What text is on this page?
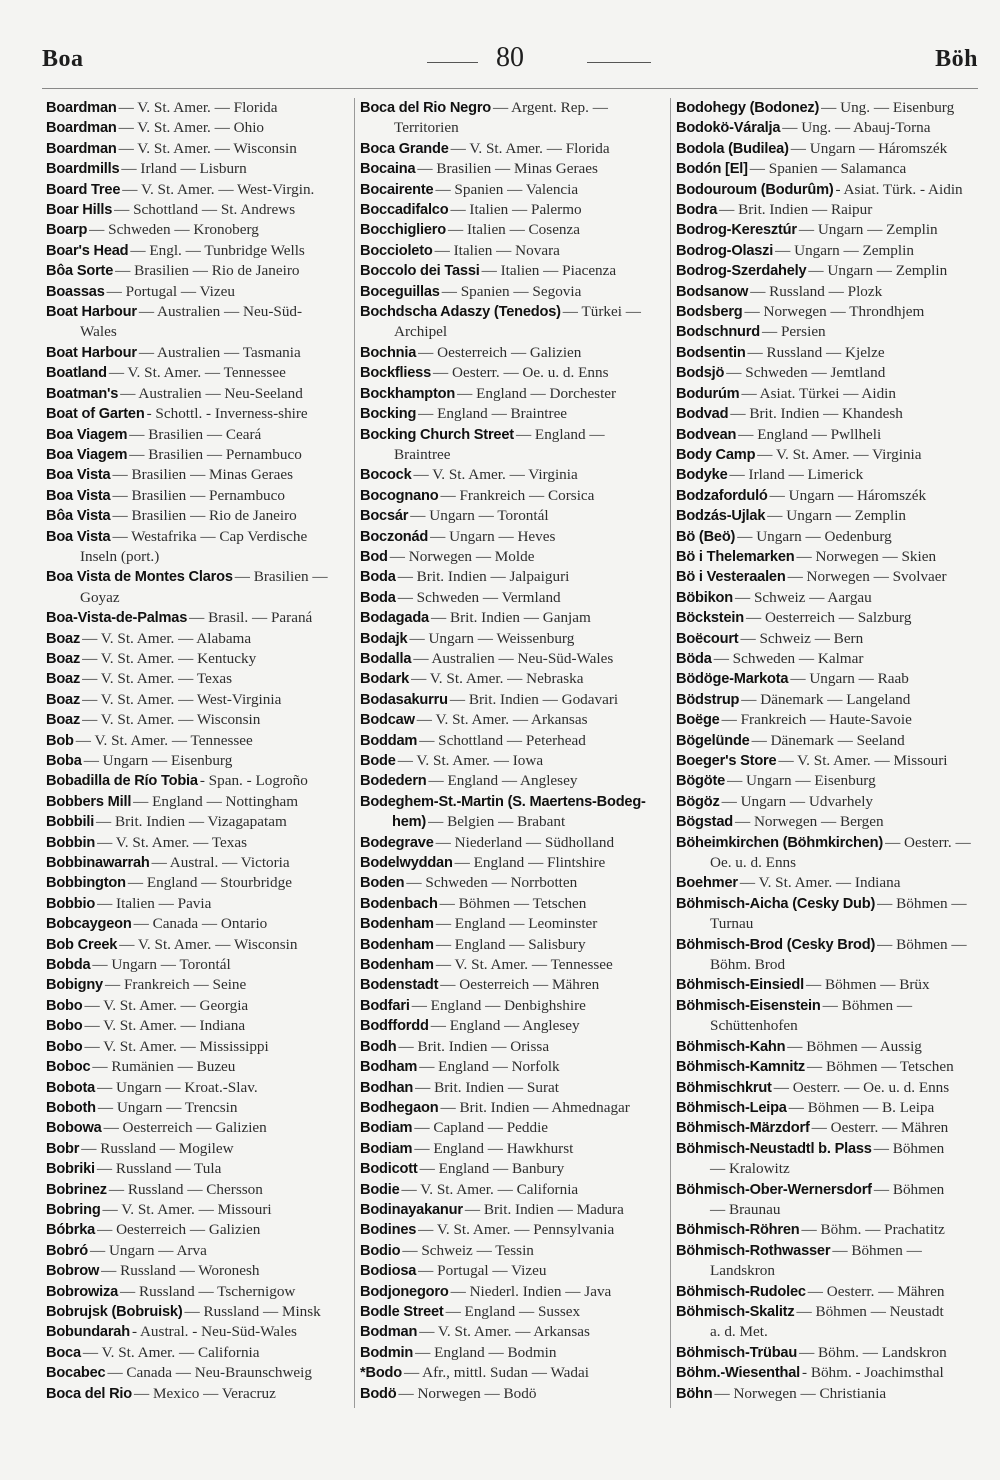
Boa	80	Böh
Boardman — V. St. Amer. — Florida
Boardman — V. St. Amer. — Ohio
Boardman — V. St. Amer. — Wisconsin
Boardmills — Irland — Lisburn
Board Tree — V. St. Amer. — West-Virgin.
Boar Hills — Schottland — St. Andrews
Boarp — Schweden — Kronoberg
Boar's Head — Engl. — Tunbridge Wells
Bôa Sorte — Brasilien — Rio de Janeiro
Boassas — Portugal — Vizeu
Boat Harbour — Australien — Neu-Süd-
Wales
Boat Harbour — Australien — Tasmania
Boatland — V. St. Amer. — Tennessee
Boatman's — Australien — Neu-Seeland
Boat of Garten - Schottl. - Inverness-shire
Boa Viagem — Brasilien — Ceará
Boa Viagem — Brasilien — Pernambuco
Boa Vista — Brasilien — Minas Geraes
Boa Vista — Brasilien — Pernambuco
Bôa Vista — Brasilien — Rio de Janeiro
Boa Vista — Westafrika — Cap Verdische
Inseln (port.)
Boa Vista de Montes Claros — Brasilien —
Goyaz
Boa-Vista-de-Palmas — Brasil. — Paraná
Boaz — V. St. Amer. — Alabama
Boaz — V. St. Amer. — Kentucky
Boaz — V. St. Amer. — Texas
Boaz — V. St. Amer. — West-Virginia
Boaz — V. St. Amer. — Wisconsin
Bob — V. St. Amer. — Tennessee
Boba — Ungarn — Eisenburg
Bobadilla de Río Tobia - Span. - Logroño
Bobbers Mill — England — Nottingham
Bobbili — Brit. Indien — Vizagapatam
Bobbin — V. St. Amer. — Texas
Bobbinawarrah — Austral. — Victoria
Bobbington — England — Stourbridge
Bobbio — Italien — Pavia
Bobcaygeon — Canada — Ontario
Bob Creek — V. St. Amer. — Wisconsin
Bobda — Ungarn — Torontál
Bobigny — Frankreich — Seine
Bobo — V. St. Amer. — Georgia
Bobo — V. St. Amer. — Indiana
Bobo — V. St. Amer. — Mississippi
Boboc — Rumänien — Buzeu
Bobota — Ungarn — Kroat.-Slav.
Boboth — Ungarn — Trencsin
Bobowa — Oesterreich — Galizien
Bobr — Russland — Mogilew
Bobriki — Russland — Tula
Bobrinez — Russland — Chersson
Bobring — V. St. Amer. — Missouri
Bóbrka — Oesterreich — Galizien
Bobró — Ungarn — Arva
Bobrow — Russland — Woronesh
Bobrowiza — Russland — Tschernigow
Bobrujsk (Bobruisk) — Russland — Minsk
Bobundarah - Austral. - Neu-Süd-Wales
Boca — V. St. Amer. — California
Bocabec — Canada — Neu-Braunschweig
Boca del Rio — Mexico — Veracruz
Boca del Rio Negro — Argent. Rep. —
Territorien
Boca Grande — V. St. Amer. — Florida
Bocaina — Brasilien — Minas Geraes
Bocairente — Spanien — Valencia
Boccadifalco — Italien — Palermo
Bocchigliero — Italien — Cosenza
Boccioleto — Italien — Novara
Boccolo dei Tassi — Italien — Piacenza
Boceguillas — Spanien — Segovia
Bochdscha Adaszy (Tenedos) — Türkei —
Archipel
Bochnia — Oesterreich — Galizien
Bockfliess — Oesterr. — Oe. u. d. Enns
Bockhampton — England — Dorchester
Bocking — England — Braintree
Bocking Church Street — England —
Braintree
Bocock — V. St. Amer. — Virginia
Bocognano — Frankreich — Corsica
Bocsár — Ungarn — Torontál
Boczonád — Ungarn — Heves
Bod — Norwegen — Molde
Boda — Brit. Indien — Jalpaiguri
Boda — Schweden — Vermland
Bodagada — Brit. Indien — Ganjam
Bodajk — Ungarn — Weissenburg
Bodalla — Australien — Neu-Süd-Wales
Bodark — V. St. Amer. — Nebraska
Bodasakurru — Brit. Indien — Godavari
Bodcaw — V. St. Amer. — Arkansas
Boddam — Schottland — Peterhead
Bode — V. St. Amer. — Iowa
Bodedern — England — Anglesey
Bodeghem-St.-Martin (S. Maertens-Bodeg-
hem) — Belgien — Brabant
Bodegrave — Niederland — Südholland
Bodelwyddan — England — Flintshire
Boden — Schweden — Norrbotten
Bodenbach — Böhmen — Tetschen
Bodenham — England — Leominster
Bodenham — England — Salisbury
Bodenham — V. St. Amer. — Tennessee
Bodenstadt — Oesterreich — Mähren
Bodfari — England — Denbighshire
Bodffordd — England — Anglesey
Bodh — Brit. Indien — Orissa
Bodham — England — Norfolk
Bodhan — Brit. Indien — Surat
Bodhegaon — Brit. Indien — Ahmednagar
Bodiam — Capland — Peddie
Bodiam — England — Hawkhurst
Bodicott — England — Banbury
Bodie — V. St. Amer. — California
Bodinayakanur — Brit. Indien — Madura
Bodines — V. St. Amer. — Pennsylvania
Bodio — Schweiz — Tessin
Bodiosa — Portugal — Vizeu
Bodjonegoro — Niederl. Indien — Java
Bodle Street — England — Sussex
Bodman — V. St. Amer. — Arkansas
Bodmin — England — Bodmin
*Bodo — Afr., mittl. Sudan — Wadai
Bodö — Norwegen — Bodö
Bodohegy (Bodonez) — Ung. — Eisenburg
Bodokö-Váralja — Ung. — Abauj-Torna
Bodola (Budilea) — Ungarn — Háromszék
Bodón [El] — Spanien — Salamanca
Bodouroum (Bodurûm) - Asiat. Türk. - Aidin
Bodra — Brit. Indien — Raipur
Bodrog-Keresztúr — Ungarn — Zemplin
Bodrog-Olaszi — Ungarn — Zemplin
Bodrog-Szerdahely — Ungarn — Zemplin
Bodsanow — Russland — Plozk
Bodsberg — Norwegen — Throndhjem
Bodschnurd — Persien
Bodsentin — Russland — Kjelze
Bodsjö — Schweden — Jemtland
Bodurúm — Asiat. Türkei — Aidin
Bodvad — Brit. Indien — Khandesh
Bodvean — England — Pwllheli
Body Camp — V. St. Amer. — Virginia
Bodyke — Irland — Limerick
Bodzaforduló — Ungarn — Háromszék
Bodzás-Ujlak — Ungarn — Zemplin
Bö (Beö) — Ungarn — Oedenburg
Bö i Thelemarken — Norwegen — Skien
Bö i Vesteraalen — Norwegen — Svolvaer
Böbikon — Schweiz — Aargau
Böckstein — Oesterreich — Salzburg
Boëcourt — Schweiz — Bern
Böda — Schweden — Kalmar
Bödöge-Markota — Ungarn — Raab
Bödstrup — Dänemark — Langeland
Boëge — Frankreich — Haute-Savoie
Bögelünde — Dänemark — Seeland
Boeger's Store — V. St. Amer. — Missouri
Bögöte — Ungarn — Eisenburg
Bögöz — Ungarn — Udvarhely
Bögstad — Norwegen — Bergen
Böheimkirchen (Böhmkirchen) — Oesterr. —
Oe. u. d. Enns
Boehmer — V. St. Amer. — Indiana
Böhmisch-Aicha (Cesky Dub) — Böhmen —
Turnau
Böhmisch-Brod (Cesky Brod) — Böhmen —
Böhm. Brod
Böhmisch-Einsiedl — Böhmen — Brüx
Böhmisch-Eisenstein — Böhmen —
Schüttenhofen
Böhmisch-Kahn — Böhmen — Aussig
Böhmisch-Kamnitz — Böhmen — Tetschen
Böhmischkrut — Oesterr. — Oe. u. d. Enns
Böhmisch-Leipa — Böhmen — B. Leipa
Böhmisch-Märzdorf — Oesterr. — Mähren
Böhmisch-Neustadtl b. Plass — Böhmen
— Kralowitz
Böhmisch-Ober-Wernersdorf — Böhmen
— Braunau
Böhmisch-Röhren — Böhm. — Prachatitz
Böhmisch-Rothwasser — Böhmen —
Landskron
Böhmisch-Rudolec — Oesterr. — Mähren
Böhmisch-Skalitz — Böhmen — Neustadt
a. d. Met.
Böhmisch-Trübau — Böhm. — Landskron
Böhm.-Wiesenthal - Böhm. - Joachimsthal
Böhn — Norwegen — Christiania
